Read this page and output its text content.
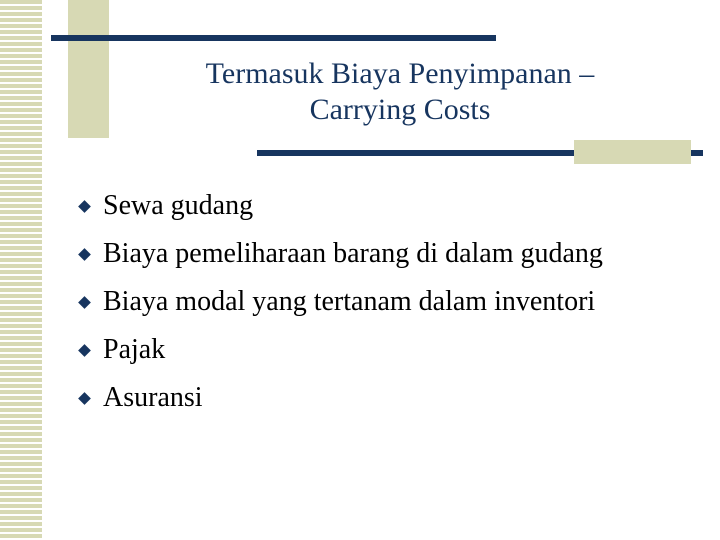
Termasuk Biaya Penyimpanan –
Carrying Costs
Sewa gudang
Biaya pemeliharaan barang di dalam gudang
Biaya modal yang tertanam dalam inventori
Pajak
Asuransi
